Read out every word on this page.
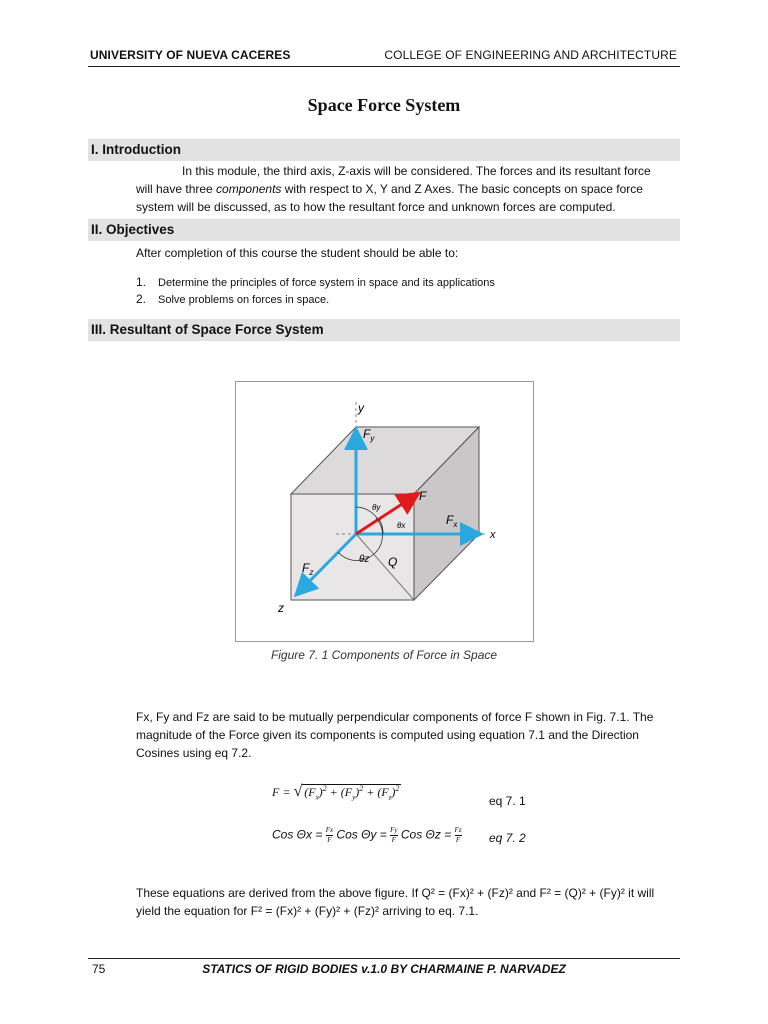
UNIVERSITY OF NUEVA CACERES	COLLEGE OF ENGINEERING AND ARCHITECTURE
Space Force System
I. Introduction
In this module, the third axis, Z-axis will be considered. The forces and its resultant force
will have three components with respect to X, Y and Z Axes. The basic concepts on space force
system will be discussed, as to how the resultant force and unknown forces are computed.
II. Objectives
After completion of this course the student should be able to:
1. Determine the principles of force system in space and its applications
2. Solve problems on forces in space.
III. Resultant of Space Force System
y
$F_y$
F
$F_x$
x
$F_z$
z
Q
θy
θx
θz
Figure 7. 1 Components of Force in Space
Fx, Fy and Fz are said to be mutually perpendicular components of force F shown in Fig. 7.1. The
magnitude of the Force given its components is computed using equation 7.1 and the Direction
Cosines using eq 7.2.
F = √ $(F_x)^2 + (F_y)^2 + (F_z)^2$
eq 7. 1
Cos $\Theta x = \frac{Fx}{F}$ Cos $\Theta y = \frac{Fy}{F}$ Cos $\Theta z = \frac{Fz}{F}$ eq 7. 2
These equations are derived from the above figure. If Q² = (Fx)² + (Fz)² and F² = (Q)² + (Fy)² it will
yield the equation for F² = (Fx)² + (Fy)² + (Fz)² arriving to eq. 7.1.
75	STATICS OF RIGID BODIES v.1.0 BY CHARMAINE P. NARVADEZ
